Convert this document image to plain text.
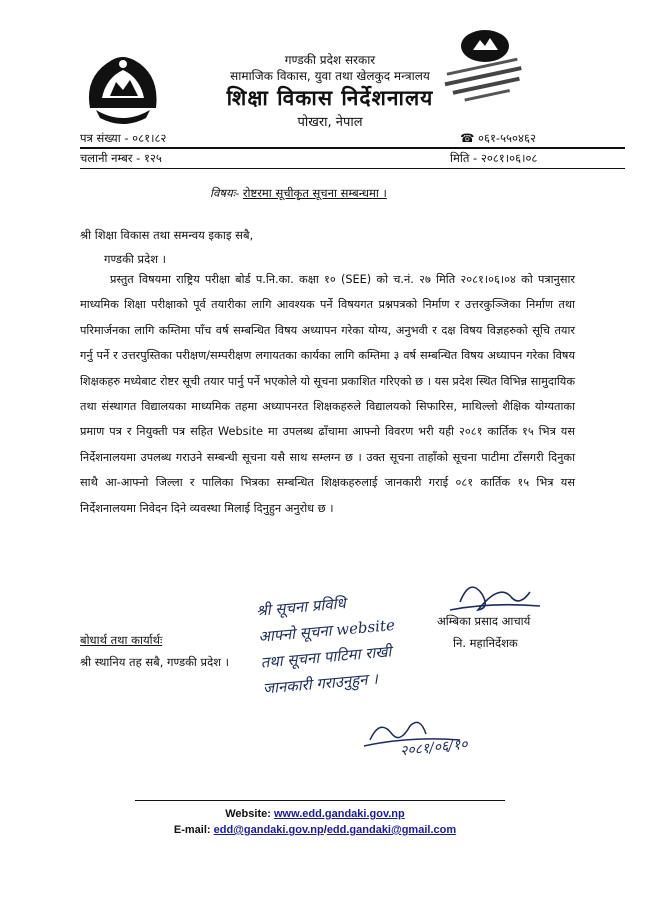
गण्डकी प्रदेश सरकार
सामाजिक विकास, युवा तथा खेलकुद मन्त्रालय
शिक्षा विकास निर्देशनालय
पोखरा, नेपाल
पत्र संख्या - ०८१।८२	☎ ०६१-५५०४६२
चलानी नम्बर - १२५	मिति - २०८१।०६।०८
विषयः- रोष्टरमा सूचीकृत सूचना सम्बन्धमा ।
श्री शिक्षा विकास तथा समन्वय इकाइ सबै,
गण्डकी प्रदेश ।
प्रस्तुत विषयमा राष्ट्रिय परीक्षा बोर्ड प.नि.का. कक्षा १० (SEE) को च.नं. २७ मिति २०८१।०६।०४ को पत्रानुसार माध्यमिक शिक्षा परीक्षाको पूर्व तयारीका लागि आवश्यक पर्ने विषयगत प्रश्नपत्रको निर्माण र उत्तरकुञ्जिका निर्माण तथा परिमार्जनका लागि कम्तिमा पाँच वर्ष सम्बन्धित विषय अध्यापन गरेका योग्य, अनुभवी र दक्ष विषय विज्ञहरुको सूचि तयार गर्नु पर्ने र उत्तरपुस्तिका परीक्षण/सम्परीक्षण लगायतका कार्यका लागि कम्तिमा ३ वर्ष सम्बन्धित विषय अध्यापन गरेका विषय शिक्षकहरु मध्येबाट रोष्टर सूची तयार पार्नु पर्ने भएकोले यो सूचना प्रकाशित गरिएको छ । यस प्रदेश स्थित विभिन्न सामुदायिक तथा संस्थागत विद्यालयका माध्यमिक तहमा अध्यापनरत शिक्षकहरुले विद्यालयको सिफारिस, माथिल्लो शैक्षिक योग्यताका प्रमाण पत्र र नियुक्ती पत्र सहित Website मा उपलब्ध ढाँचामा आफ्नो विवरण भरी यही २०८१ कार्तिक १५ भित्र यस निर्देशनालयमा उपलब्ध गराउने सम्बन्धी सूचना यसै साथ सम्लग्न छ । उक्त सूचना ताहाँको सूचना पाटीमा टाँसगरी दिनुका साथै आ-आफ्नो जिल्ला र पालिका भित्रका सम्बन्धित शिक्षकहरुलाई जानकारी गराई ०८१ कार्तिक १५ भित्र यस निर्देशनालयमा निवेदन दिने व्यवस्था मिलाई दिनुहुन अनुरोध छ ।
अम्बिका प्रसाद आचार्य
नि. महानिर्देशक
बोधार्थ तथा कार्यार्थः
श्री स्थानिय तह सबै, गण्डकी प्रदेश ।
श्री सूचना प्रविधि
आफ्नो सूचना website
तथा सूचना पाटिमा राखी
जानकारी गराउनुहुन ।
२०८१/०६/१०
Website: www.edd.gandaki.gov.np
E-mail: edd@gandaki.gov.np/edd.gandaki@gmail.com
